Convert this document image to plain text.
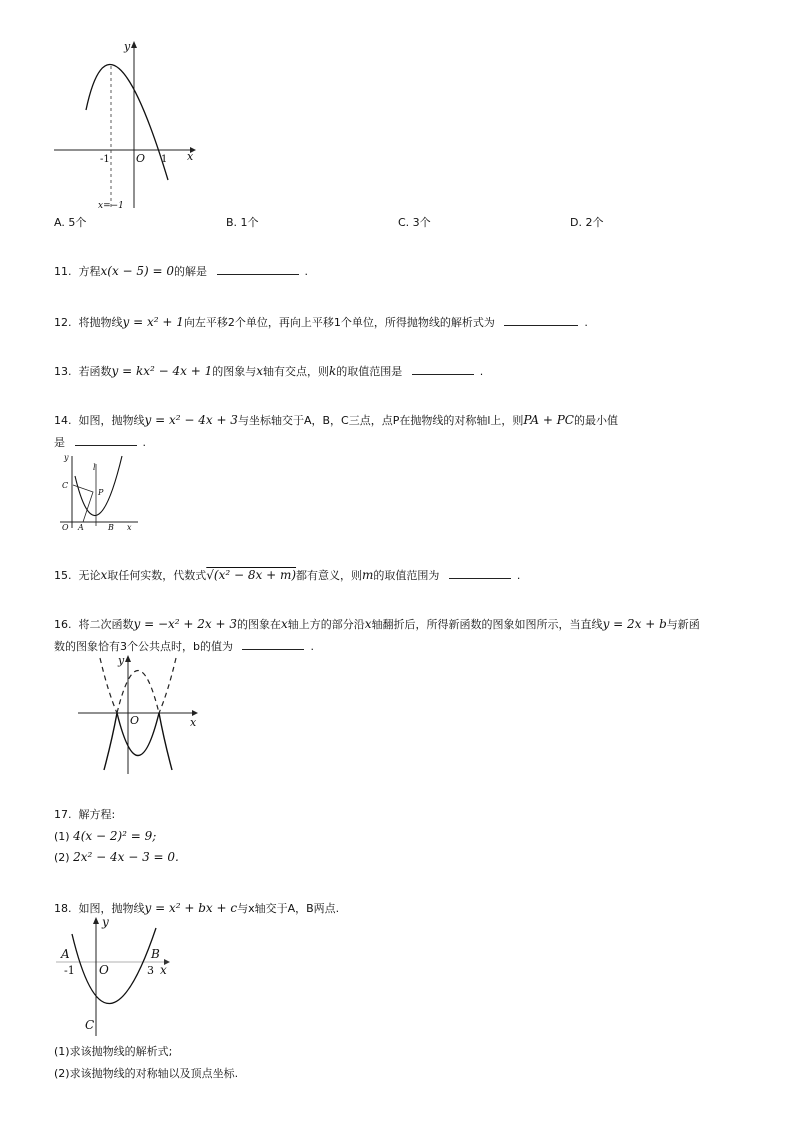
y
x
O
-1	1
x=−1
A. 5个	B. 1个	C. 3个	D. 2个
11. 方程x(x − 5) = 0的解是	.
12. 将抛物线y = x² + 1向左平移2个单位，再向上平移1个单位，所得抛物线的解析式为	.
13. 若函数y = kx² − 4x + 1的图象与x轴有交点，则k的取值范围是	.
14. 如图，抛物线y = x² − 4x + 3与坐标轴交于A，B，C三点，点P在抛物线的对称轴l上，则PA + PC的最小值
是	.
y
l
C
P
O A	B x
15. 无论x取任何实数，代数式√(x² − 8x + m)都有意义，则m的取值范围为	.
16. 将二次函数y = −x² + 2x + 3的图象在x轴上方的部分沿x轴翻折后，所得新函数的图象如图所示，当直线y = 2x + b与新函
数的图象恰有3个公共点时，b的值为	.
y
O	x
17. 解方程:
(1) 4(x − 2)² = 9;
(2) 2x² − 4x − 3 = 0.
18. 如图，抛物线y = x² + bx + c与x轴交于A，B两点.
y
A	B
-1 O	3 x
C
(1)求该抛物线的解析式;
(2)求该抛物线的对称轴以及顶点坐标.
